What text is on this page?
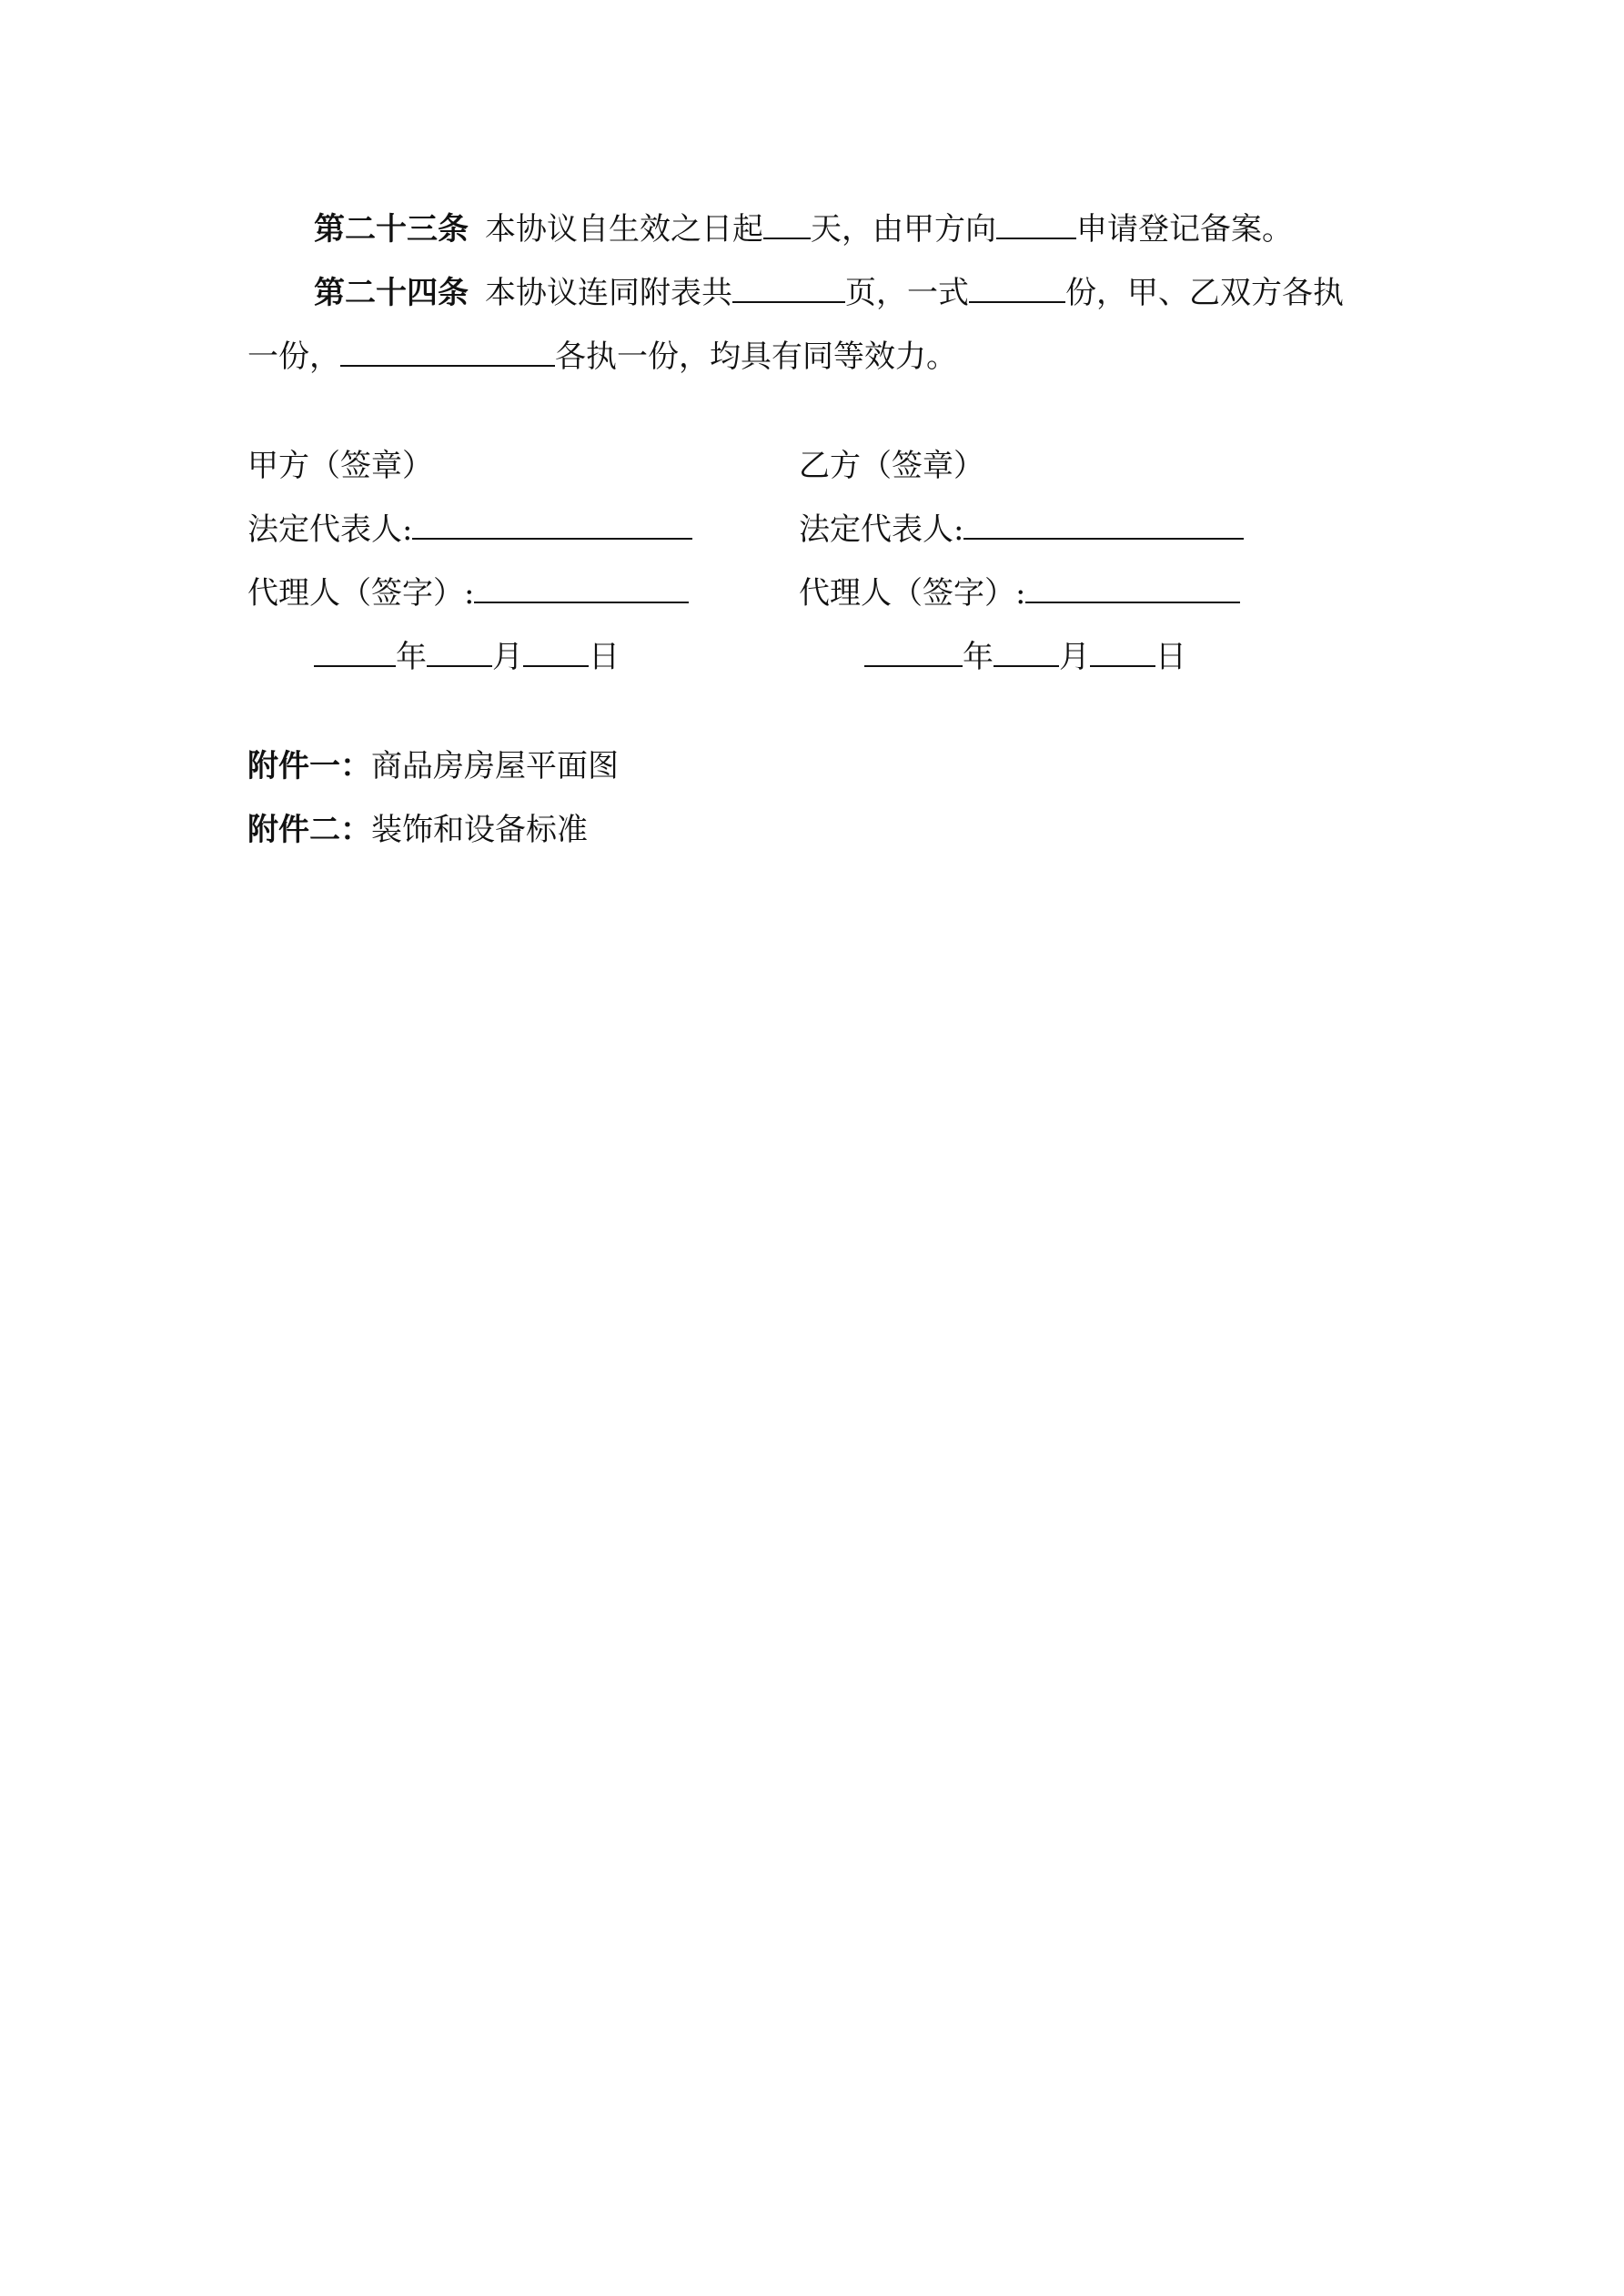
第二十三条 本协议自生效之日起 天，由甲方向	申请登记备案。
第二十四条 本协议连同附表共	页，一式	份，甲、乙双方各执
一份，	各执一份，均具有同等效力。
甲方（签章）
法定代表人:
代理人（签字）:
年 月 日
乙方（签章）
法定代表人:
代理人（签字）:
年 月 日
附件一：商品房房屋平面图
附件二：装饰和设备标准
